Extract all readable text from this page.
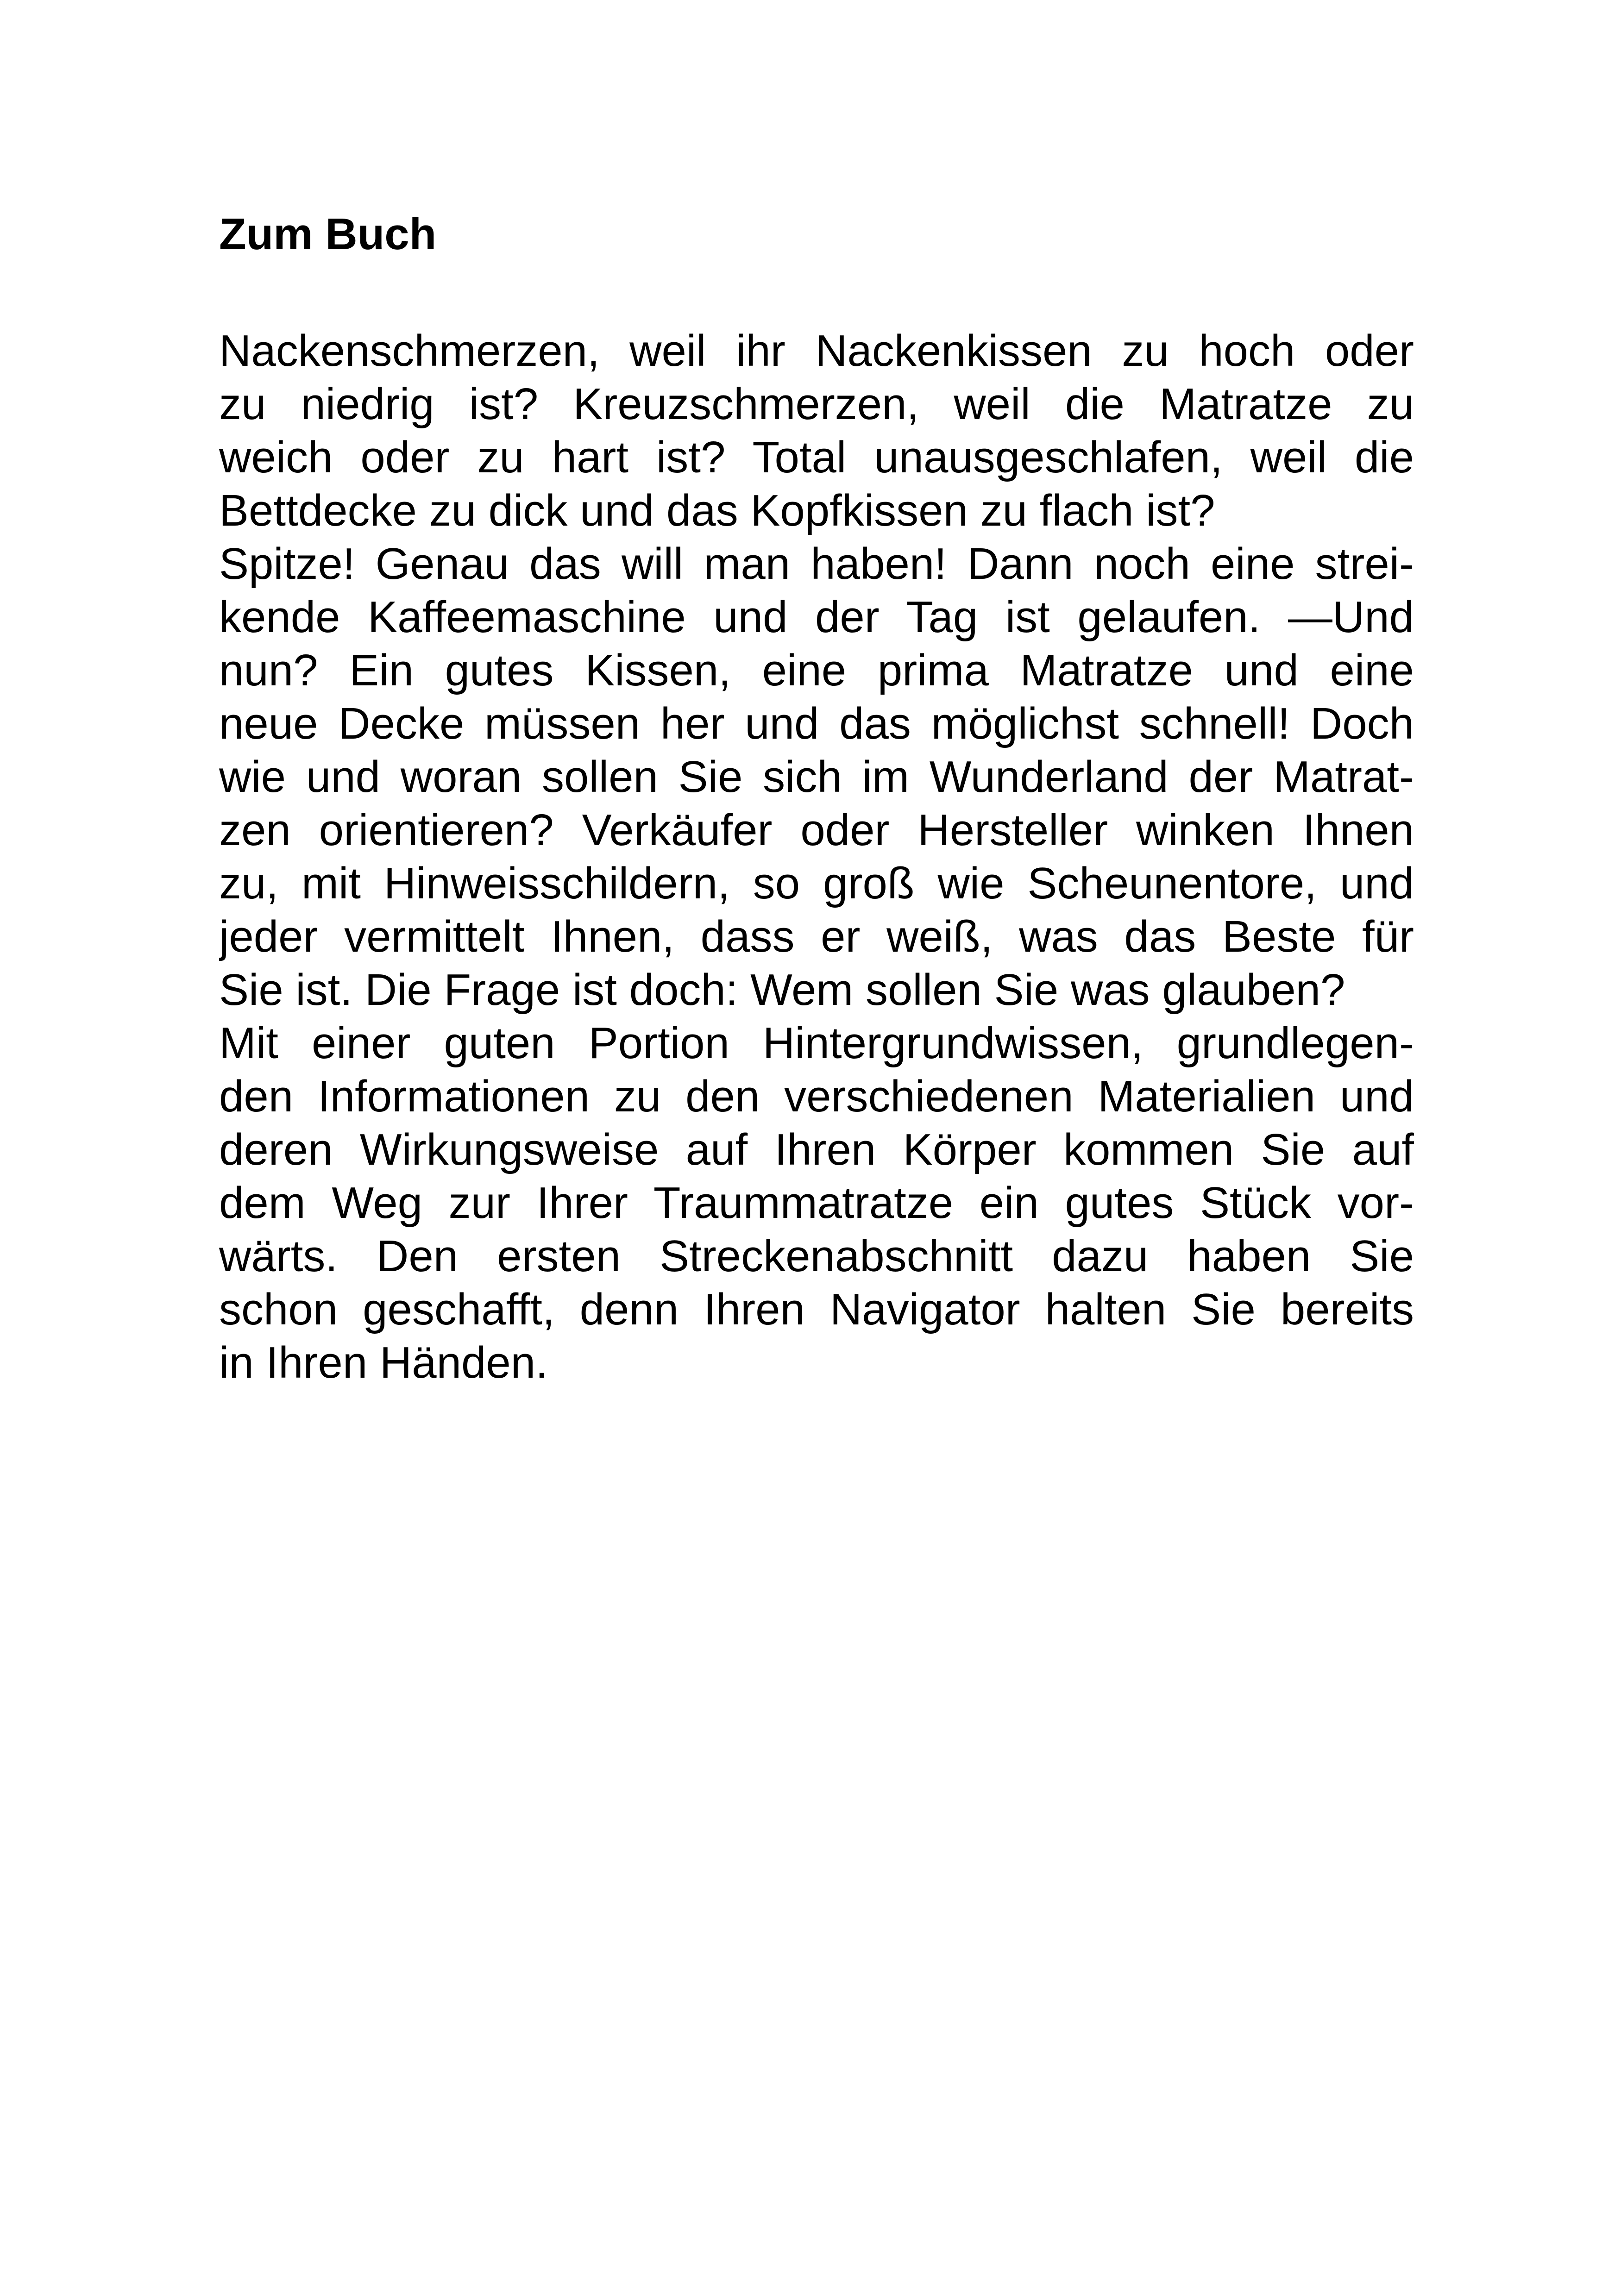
Zum Buch
Nackenschmerzen, weil ihr Nackenkissen zu hoch oder
zu niedrig ist? Kreuzschmerzen, weil die Matratze zu
weich oder zu hart ist? Total unausgeschlafen, weil die
Bettdecke zu dick und das Kopfkissen zu flach ist?
Spitze! Genau das will man haben! Dann noch eine strei-
kende Kaffeemaschine und der Tag ist gelaufen. —Und
nun? Ein gutes Kissen, eine prima Matratze und eine
neue Decke müssen her und das möglichst schnell! Doch
wie und woran sollen Sie sich im Wunderland der Matrat-
zen orientieren? Verkäufer oder Hersteller winken Ihnen
zu, mit Hinweisschildern, so groß wie Scheunentore, und
jeder vermittelt Ihnen, dass er weiß, was das Beste für
Sie ist. Die Frage ist doch: Wem sollen Sie was glauben?
Mit einer guten Portion Hintergrundwissen, grundlegen-
den Informationen zu den verschiedenen Materialien und
deren Wirkungsweise auf Ihren Körper kommen Sie auf
dem Weg zur Ihrer Traummatratze ein gutes Stück vor-
wärts. Den ersten Streckenabschnitt dazu haben Sie
schon geschafft, denn Ihren Navigator halten Sie bereits
in Ihren Händen.
